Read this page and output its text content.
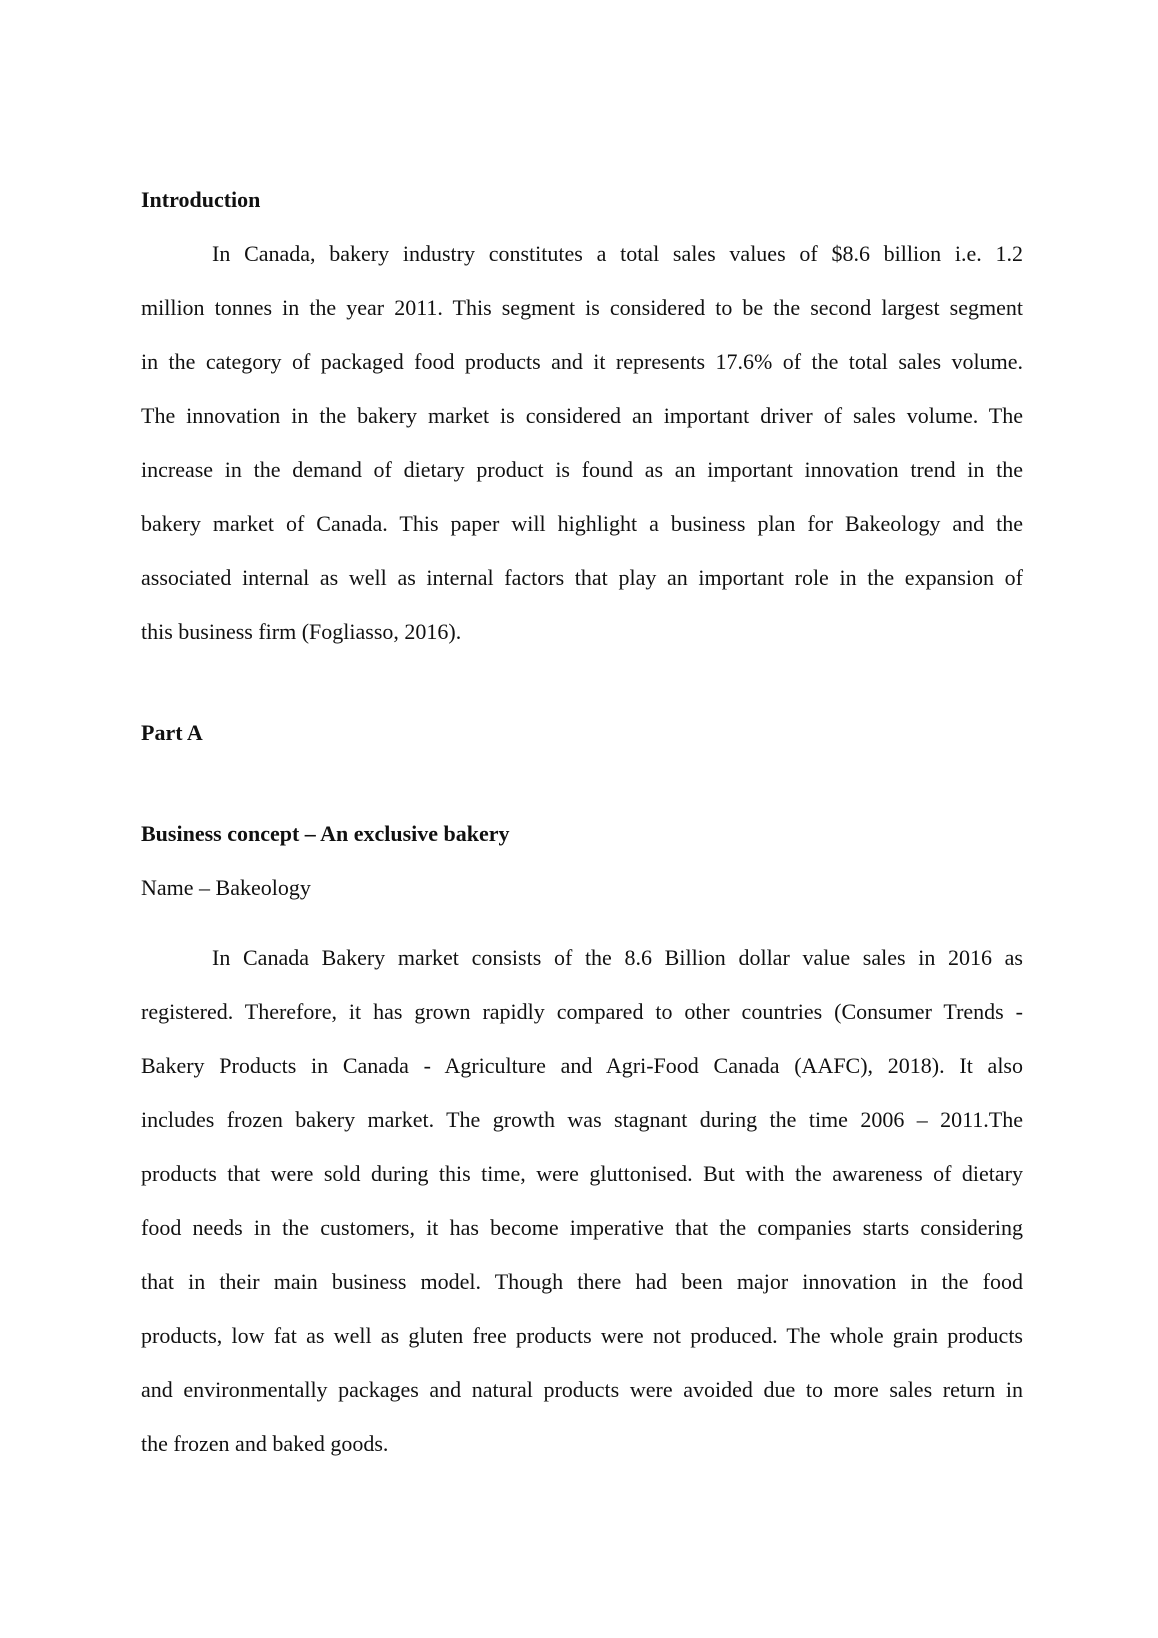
Introduction
In Canada, bakery industry constitutes a total sales values of $8.6 billion i.e. 1.2
million tonnes in the year 2011. This segment is considered to be the second largest segment
in the category of packaged food products and it represents 17.6% of the total sales volume.
The innovation in the bakery market is considered an important driver of sales volume. The
increase in the demand of dietary product is found as an important innovation trend in the
bakery market of Canada. This paper will highlight a business plan for Bakeology and the
associated internal as well as internal factors that play an important role in the expansion of
this business firm (Fogliasso, 2016).
Part A
Business concept – An exclusive bakery
Name – Bakeology
In Canada Bakery market consists of the 8.6 Billion dollar value sales in 2016 as
registered. Therefore, it has grown rapidly compared to other countries (Consumer Trends -
Bakery Products in Canada - Agriculture and Agri-Food Canada (AAFC), 2018). It also
includes frozen bakery market. The growth was stagnant during the time 2006 – 2011.The
products that were sold during this time, were gluttonised. But with the awareness of dietary
food needs in the customers, it has become imperative that the companies starts considering
that in their main business model. Though there had been major innovation in the food
products, low fat as well as gluten free products were not produced. The whole grain products
and environmentally packages and natural products were avoided due to more sales return in
the frozen and baked goods.
